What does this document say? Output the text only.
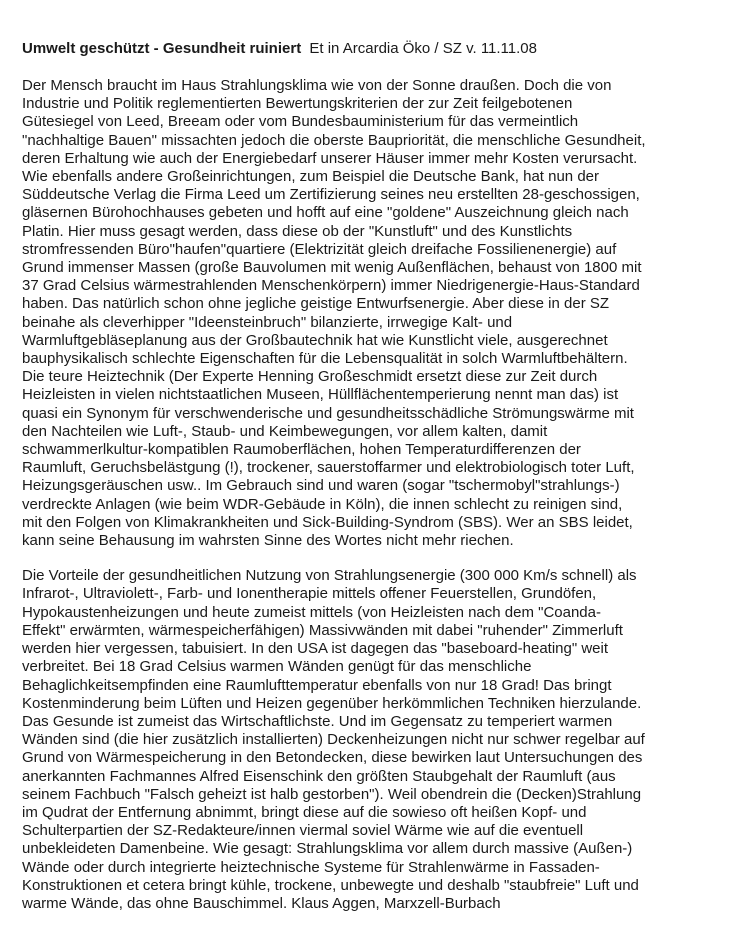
Umwelt geschützt - Gesundheit ruiniert Et in Arcardia Öko / SZ v. 11.11.08
Der Mensch braucht im Haus Strahlungsklima wie von der Sonne draußen. Doch die von
Industrie und Politik reglementierten Bewertungskriterien der zur Zeit feilgebotenen
Gütesiegel von Leed, Breeam oder vom Bundesbauministerium für das vermeintlich
"nachhaltige Bauen" missachten jedoch die oberste Baupriorität, die menschliche Gesundheit,
deren Erhaltung wie auch der Energiebedarf unserer Häuser immer mehr Kosten verursacht.
Wie ebenfalls andere Großeinrichtungen, zum Beispiel die Deutsche Bank, hat nun der
Süddeutsche Verlag die Firma Leed um Zertifizierung seines neu erstellten 28-geschossigen,
gläsernen Bürohochhauses gebeten und hofft auf eine "goldene" Auszeichnung gleich nach
Platin. Hier muss gesagt werden, dass diese ob der "Kunstluft" und des Kunstlichts
stromfressenden Büro"haufen"quartiere (Elektrizität gleich dreifache Fossilienenergie) auf
Grund immenser Massen (große Bauvolumen mit wenig Außenflächen, behaust von 1800 mit
37 Grad Celsius wärmestrahlenden Menschenkörpern) immer Niedrigenergie-Haus-Standard
haben. Das natürlich schon ohne jegliche geistige Entwurfsenergie. Aber diese in der SZ
beinahe als cleverhipper "Ideensteinbruch" bilanzierte, irrwegige Kalt- und
Warmluftgebläseplanung aus der Großbautechnik hat wie Kunstlicht viele, ausgerechnet
bauphysikalisch schlechte Eigenschaften für die Lebensqualität in solch Warmluftbehältern.
Die teure Heiztechnik (Der Experte Henning Großeschmidt ersetzt diese zur Zeit durch
Heizleisten in vielen nichtstaatlichen Museen, Hüllflächentemperierung nennt man das) ist
quasi ein Synonym für verschwenderische und gesundheitsschädliche Strömungswärme mit
den Nachteilen wie Luft-, Staub- und Keimbewegungen, vor allem kalten, damit
schwammerlkultur-kompatiblen Raumoberflächen, hohen Temperaturdifferenzen der
Raumluft, Geruchsbelästgung (!), trockener, sauerstoffarmer und elektrobiologisch toter Luft,
Heizungsgeräuschen usw.. Im Gebrauch sind und waren (sogar "tschermobyl"strahlungs-)
verdreckte Anlagen (wie beim WDR-Gebäude in Köln), die innen schlecht zu reinigen sind,
mit den Folgen von Klimakrankheiten und Sick-Building-Syndrom (SBS). Wer an SBS leidet,
kann seine Behausung im wahrsten Sinne des Wortes nicht mehr riechen.
Die Vorteile der gesundheitlichen Nutzung von Strahlungsenergie (300 000 Km/s schnell) als
Infrarot-, Ultraviolett-, Farb- und Ionentherapie mittels offener Feuerstellen, Grundöfen,
Hypokaustenheizungen und heute zumeist mittels (von Heizleisten nach dem "Coanda-
Effekt" erwärmten, wärmespeicherfähigen) Massivwänden mit dabei "ruhender" Zimmerluft
werden hier vergessen, tabuisiert. In den USA ist dagegen das "baseboard-heating" weit
verbreitet. Bei 18 Grad Celsius warmen Wänden genügt für das menschliche
Behaglichkeitsempfinden eine Raumlufttemperatur ebenfalls von nur 18 Grad! Das bringt
Kostenminderung beim Lüften und Heizen gegenüber herkömmlichen Techniken hierzulande.
Das Gesunde ist zumeist das Wirtschaftlichste. Und im Gegensatz zu temperiert warmen
Wänden sind (die hier zusätzlich installierten) Deckenheizungen nicht nur schwer regelbar auf
Grund von Wärmespeicherung in den Betondecken, diese bewirken laut Untersuchungen des
anerkannten Fachmannes Alfred Eisenschink den größten Staubgehalt der Raumluft (aus
seinem Fachbuch "Falsch geheizt ist halb gestorben"). Weil obendrein die (Decken)Strahlung
im Qudrat der Entfernung abnimmt, bringt diese auf die sowieso oft heißen Kopf- und
Schulterpartien der SZ-Redakteure/innen viermal soviel Wärme wie auf die eventuell
unbekleideten Damenbeine. Wie gesagt: Strahlungsklima vor allem durch massive (Außen-)
Wände oder durch integrierte heiztechnische Systeme für Strahlenwärme in Fassaden-
Konstruktionen et cetera bringt kühle, trockene, unbewegte und deshalb "staubfreie" Luft und
warme Wände, das ohne Bauschimmel. Klaus Aggen, Marxzell-Burbach
